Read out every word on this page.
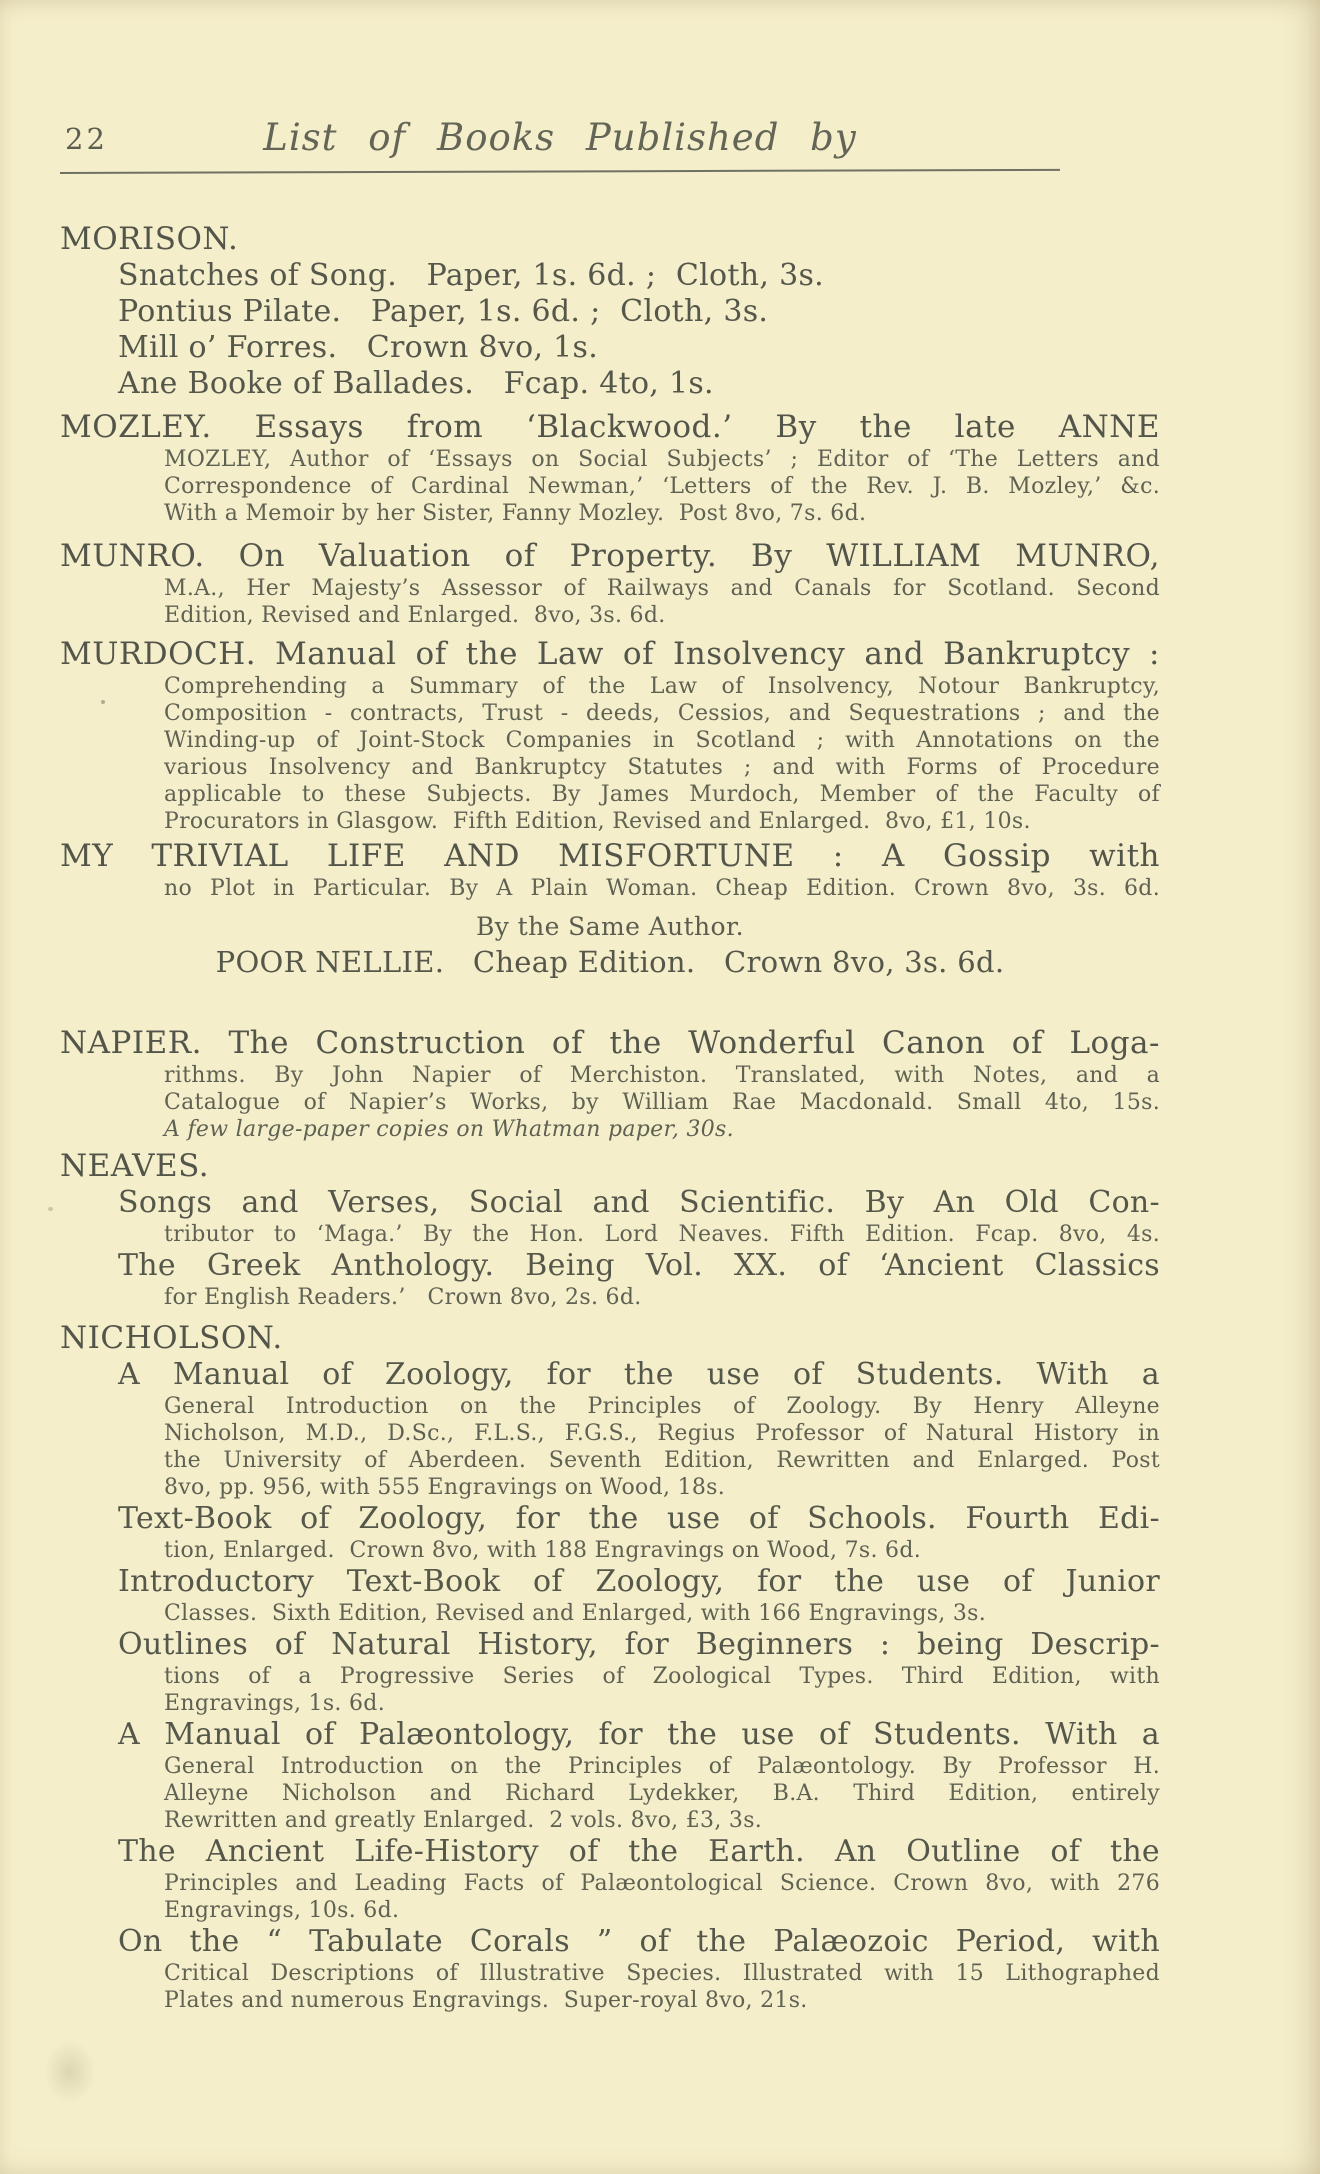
22	List of Books Published by
MORISON.
Snatches of Song.   Paper, 1s. 6d. ;  Cloth, 3s.
Pontius Pilate.   Paper, 1s. 6d. ;  Cloth, 3s.
Mill o’ Forres.   Crown 8vo, 1s.
Ane Booke of Ballades.   Fcap. 4to, 1s.
MOZLEY. Essays from ‘Blackwood.’ By the late ANNE
MOZLEY, Author of ‘Essays on Social Subjects’ ; Editor of ‘The Letters and
Correspondence of Cardinal Newman,’ ‘Letters of the Rev. J. B. Mozley,’ &c.
With a Memoir by her Sister, Fanny Mozley.  Post 8vo, 7s. 6d.
MUNRO. On Valuation of Property. By WILLIAM MUNRO,
M.A., Her Majesty’s Assessor of Railways and Canals for Scotland. Second
Edition, Revised and Enlarged.  8vo, 3s. 6d.
MURDOCH. Manual of the Law of Insolvency and Bankruptcy :
Comprehending a Summary of the Law of Insolvency, Notour Bankruptcy,
Composition - contracts, Trust - deeds, Cessios, and Sequestrations ; and the
Winding-up of Joint-Stock Companies in Scotland ; with Annotations on the
various Insolvency and Bankruptcy Statutes ; and with Forms of Procedure
applicable to these Subjects. By James Murdoch, Member of the Faculty of
Procurators in Glasgow.  Fifth Edition, Revised and Enlarged.  8vo, £1, 10s.
MY TRIVIAL LIFE AND MISFORTUNE : A Gossip with
no Plot in Particular. By A Plain Woman. Cheap Edition. Crown 8vo, 3s. 6d.
By the Same Author.
POOR NELLIE.   Cheap Edition.   Crown 8vo, 3s. 6d.
NAPIER. The Construction of the Wonderful Canon of Loga-
rithms. By John Napier of Merchiston. Translated, with Notes, and a
Catalogue of Napier’s Works, by William Rae Macdonald. Small 4to, 15s.
A few large-paper copies on Whatman paper, 30s.
NEAVES.
Songs and Verses, Social and Scientific. By An Old Con-
tributor to ‘Maga.’ By the Hon. Lord Neaves. Fifth Edition. Fcap. 8vo, 4s.
The Greek Anthology. Being Vol. XX. of ‘Ancient Classics
for English Readers.’   Crown 8vo, 2s. 6d.
NICHOLSON.
A Manual of Zoology, for the use of Students. With a
General Introduction on the Principles of Zoology. By Henry Alleyne
Nicholson, M.D., D.Sc., F.L.S., F.G.S., Regius Professor of Natural History in
the University of Aberdeen. Seventh Edition, Rewritten and Enlarged. Post
8vo, pp. 956, with 555 Engravings on Wood, 18s.
Text-Book of Zoology, for the use of Schools. Fourth Edi-
tion, Enlarged.  Crown 8vo, with 188 Engravings on Wood, 7s. 6d.
Introductory Text-Book of Zoology, for the use of Junior
Classes.  Sixth Edition, Revised and Enlarged, with 166 Engravings, 3s.
Outlines of Natural History, for Beginners : being Descrip-
tions of a Progressive Series of Zoological Types. Third Edition, with
Engravings, 1s. 6d.
A Manual of Palæontology, for the use of Students. With a
General Introduction on the Principles of Palæontology. By Professor H.
Alleyne Nicholson and Richard Lydekker, B.A. Third Edition, entirely
Rewritten and greatly Enlarged.  2 vols. 8vo, £3, 3s.
The Ancient Life-History of the Earth. An Outline of the
Principles and Leading Facts of Palæontological Science. Crown 8vo, with 276
Engravings, 10s. 6d.
On the “ Tabulate Corals ” of the Palæozoic Period, with
Critical Descriptions of Illustrative Species. Illustrated with 15 Lithographed
Plates and numerous Engravings.  Super-royal 8vo, 21s.
